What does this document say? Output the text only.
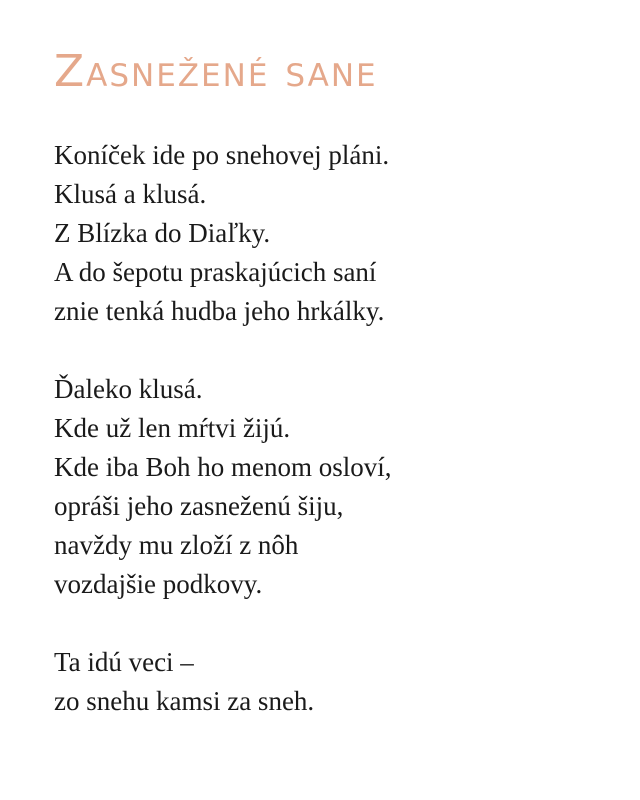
Zasnežené sane
Koníček ide po snehovej pláni.
Klusá a klusá.
Z Blízka do Diaľky.
A do šepotu praskajúcich saní
znie tenká hudba jeho hrkálky.
Ďaleko klusá.
Kde už len mŕtvi žijú.
Kde iba Boh ho menom osloví,
opráši jeho zasneženú šiju,
navždy mu zloží z nôh
vozdajšie podkovy.
Ta idú veci –
zo snehu kamsi za sneh.
